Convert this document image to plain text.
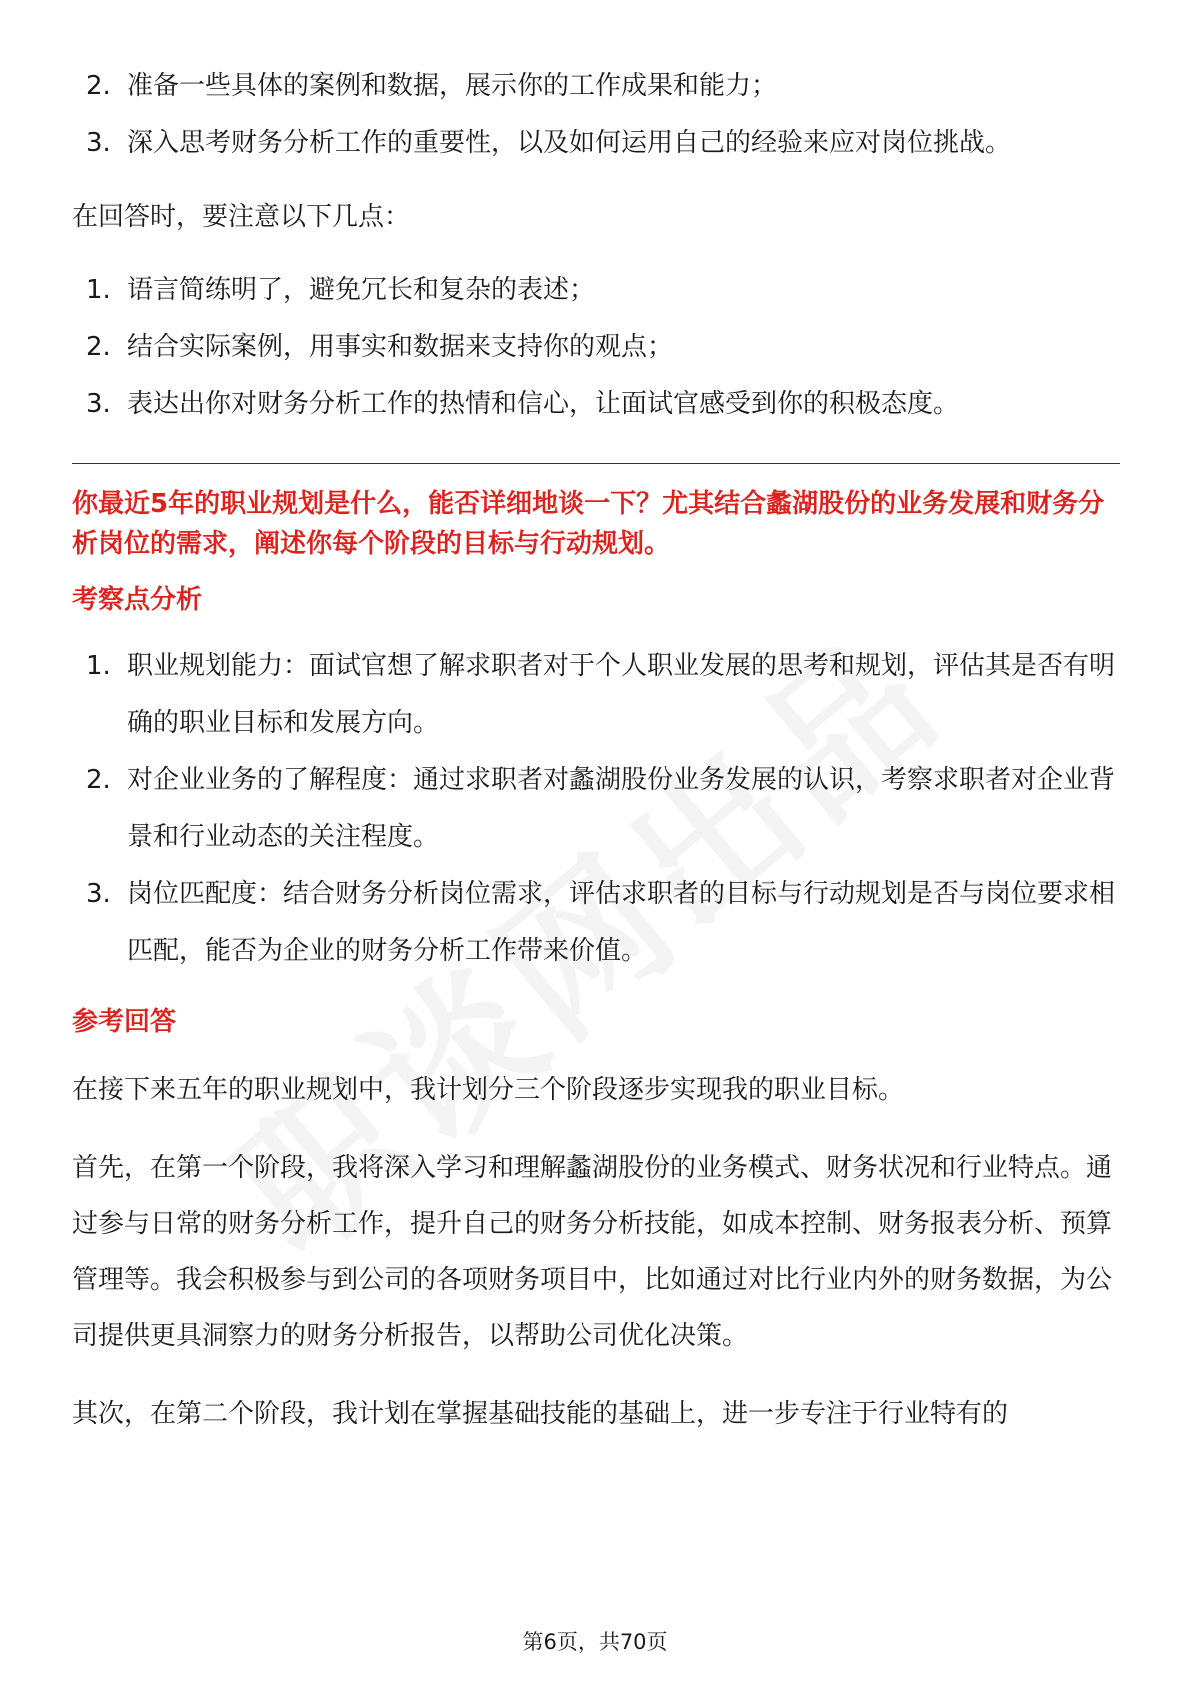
2. 准备一些具体的案例和数据，展示你的工作成果和能力；
3. 深入思考财务分析工作的重要性，以及如何运用自己的经验来应对岗位挑战。

在回答时，要注意以下几点：

1. 语言简练明了，避免冗长和复杂的表述；
2. 结合实际案例，用事实和数据来支持你的观点；
3. 表达出你对财务分析工作的热情和信心，让面试官感受到你的积极态度。

你最近5年的职业规划是什么，能否详细地谈一下？尤其结合蠡湖股份的业务发展和财务分析岗位的需求，阐述你每个阶段的目标与行动规划。

考察点分析

1. 职业规划能力：面试官想了解求职者对于个人职业发展的思考和规划，评估其是否有明确的职业目标和发展方向。
2. 对企业业务的了解程度：通过求职者对蠡湖股份业务发展的认识，考察求职者对企业背景和行业动态的关注程度。
3. 岗位匹配度：结合财务分析岗位需求，评估求职者的目标与行动规划是否与岗位要求相匹配，能否为企业的财务分析工作带来价值。

参考回答

在接下来五年的职业规划中，我计划分三个阶段逐步实现我的职业目标。

首先，在第一个阶段，我将深入学习和理解蠡湖股份的业务模式、财务状况和行业特点。通过参与日常的财务分析工作，提升自己的财务分析技能，如成本控制、财务报表分析、预算管理等。我会积极参与到公司的各项财务项目中，比如通过对比行业内外的财务数据，为公司提供更具洞察力的财务分析报告，以帮助公司优化决策。

其次，在第二个阶段，我计划在掌握基础技能的基础上，进一步专注于行业特有的

第6页，共70页
